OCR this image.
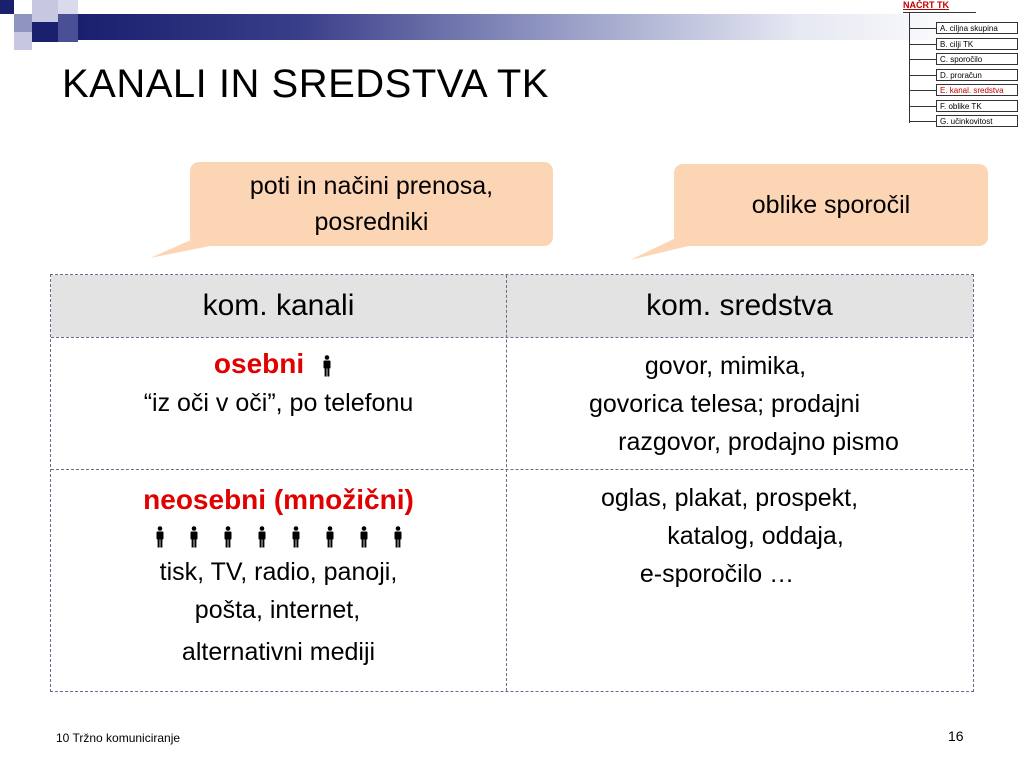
KANALI IN SREDSTVA TK
NAČRT TK
A. ciljna skupina
B. cilji TK
C. sporočilo
D. proračun
E. kanal. sredstva
F. oblike TK
G. učinkovitost
poti in načini prenosa,
posredniki
oblike sporočil
kom. kanali	kom. sredstva
osebni
“iz oči v oči”, po telefonu
govor, mimika,
govorica telesa; prodajni
razgovor, prodajno pismo
neosebni (množični)
tisk, TV, radio, panoji,
pošta, internet,
alternativni mediji
oglas, plakat, prospekt,
katalog, oddaja,
e-sporočilo …
10 Tržno komuniciranje	16
